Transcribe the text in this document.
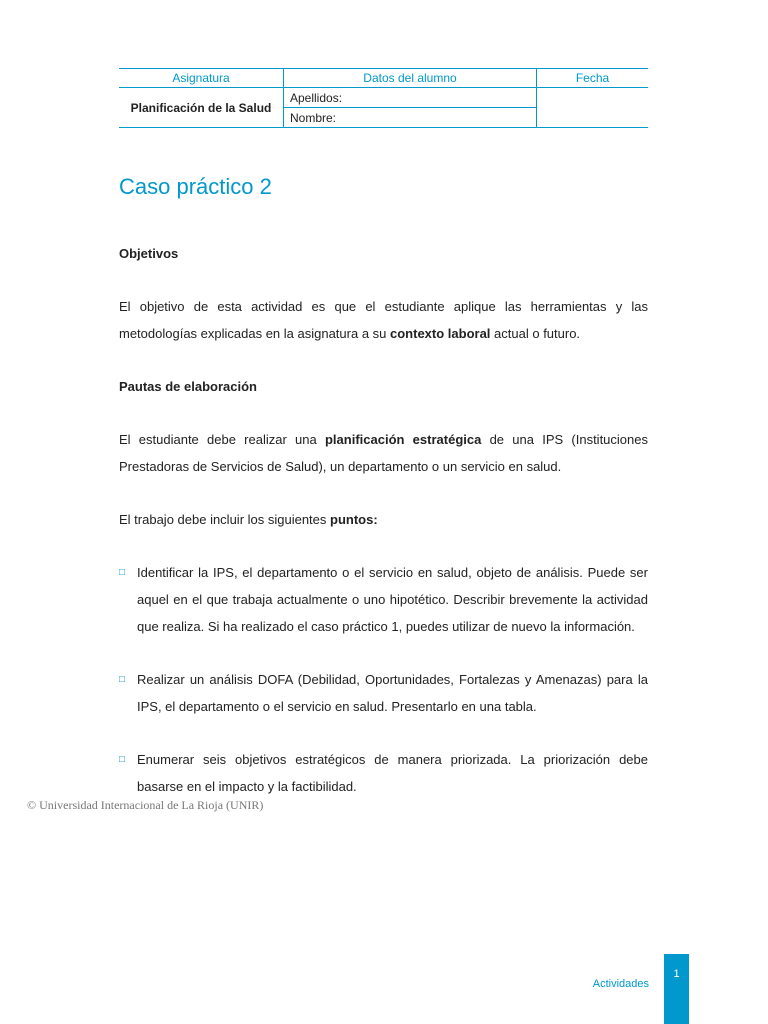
Asignatura	Datos del alumno	Fecha
Planificación de la Salud	Apellidos:	
	Nombre:	
Caso práctico 2

Objetivos

El objetivo de esta actividad es que el estudiante aplique las herramientas y las metodologías explicadas en la asignatura a su contexto laboral actual o futuro.

Pautas de elaboración

El estudiante debe realizar una planificación estratégica de una IPS (Instituciones Prestadoras de Servicios de Salud), un departamento o un servicio en salud.

El trabajo debe incluir los siguientes puntos:

□ Identificar la IPS, el departamento o el servicio en salud, objeto de análisis. Puede ser aquel en el que trabaja actualmente o uno hipotético. Describir brevemente la actividad que realiza. Si ha realizado el caso práctico 1, puedes utilizar de nuevo la información.
□ Realizar un análisis DOFA (Debilidad, Oportunidades, Fortalezas y Amenazas) para la IPS, el departamento o el servicio en salud. Presentarlo en una tabla.
□ Enumerar seis objetivos estratégicos de manera priorizada. La priorización debe basarse en el impacto y la factibilidad.
© Universidad Internacional de La Rioja (UNIR)
Actividades
1
